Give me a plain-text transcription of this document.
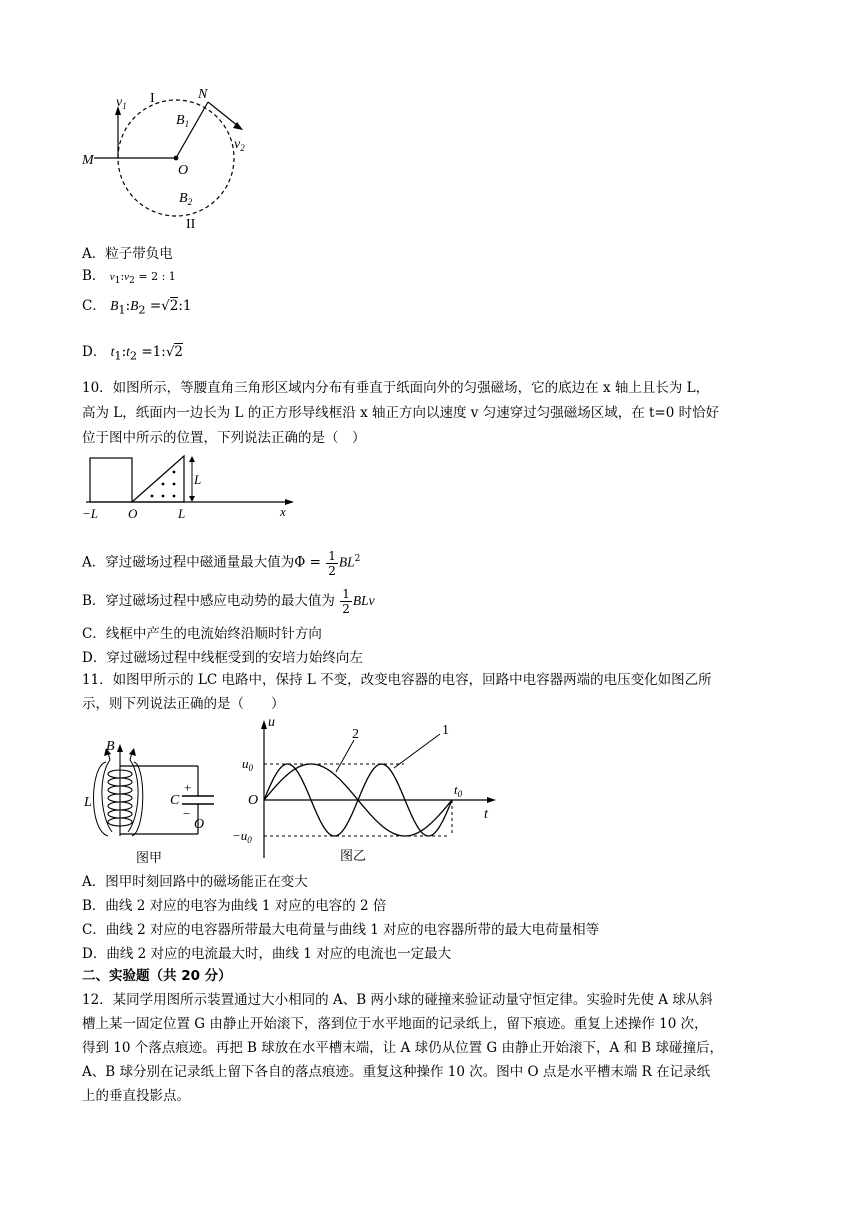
$v_1$ I	N
$B_1$
M
O
$v_2$
$B_2$
II
A．粒子带负电
B． $v_1:v_2 = 2$ : 1
C． $B_1:B_2$ =√2:1
D． $t_1:t_2$ =1:√2
10．如图所示，等腰直角三角形区域内分布有垂直于纸面向外的匀强磁场，它的底边在 x 轴上且长为 L，
高为 L，纸面内一边长为 L 的正方形导线框沿 x 轴正方向以速度 v 匀速穿过匀强磁场区域，在 t=0 时恰好
位于图中所示的位置，下列说法正确的是（　）
−L O	L
L
x
A．穿过磁场过程中磁通量最大值为$\Phi = \frac{1}{2} BL^2$
B．穿过磁场过程中感应电动势的最大值为 $\frac{1}{2}$ BLv
C．线框中产生的电流始终沿顺时针方向
D．穿过磁场过程中线框受到的安培力始终向左
11．如图甲所示的 LC 电路中，保持 L 不变，改变电容器的电容，回路中电容器两端的电压变化如图乙所
示，则下列说法正确的是（　　）
B
L	C
+
−
O
图甲
u
$u_0$
O
$-u_0$
$t_0$
t
1
2
图乙
A．图甲时刻回路中的磁场能正在变大
B．曲线 2 对应的电容为曲线 1 对应的电容的 2 倍
C．曲线 2 对应的电容器所带最大电荷量与曲线 1 对应的电容器所带的最大电荷量相等
D．曲线 2 对应的电流最大时，曲线 1 对应的电流也一定最大
二、实验题（共 20 分）
12．某同学用图所示装置通过大小相同的 A、B 两小球的碰撞来验证动量守恒定律。实验时先使 A 球从斜
槽上某一固定位置 G 由静止开始滚下，落到位于水平地面的记录纸上，留下痕迹。重复上述操作 10 次，
得到 10 个落点痕迹。再把 B 球放在水平槽末端，让 A 球仍从位置 G 由静止开始滚下，A 和 B 球碰撞后，
A、B 球分别在记录纸上留下各自的落点痕迹。重复这种操作 10 次。图中 O 点是水平槽末端 R 在记录纸
上的垂直投影点。
